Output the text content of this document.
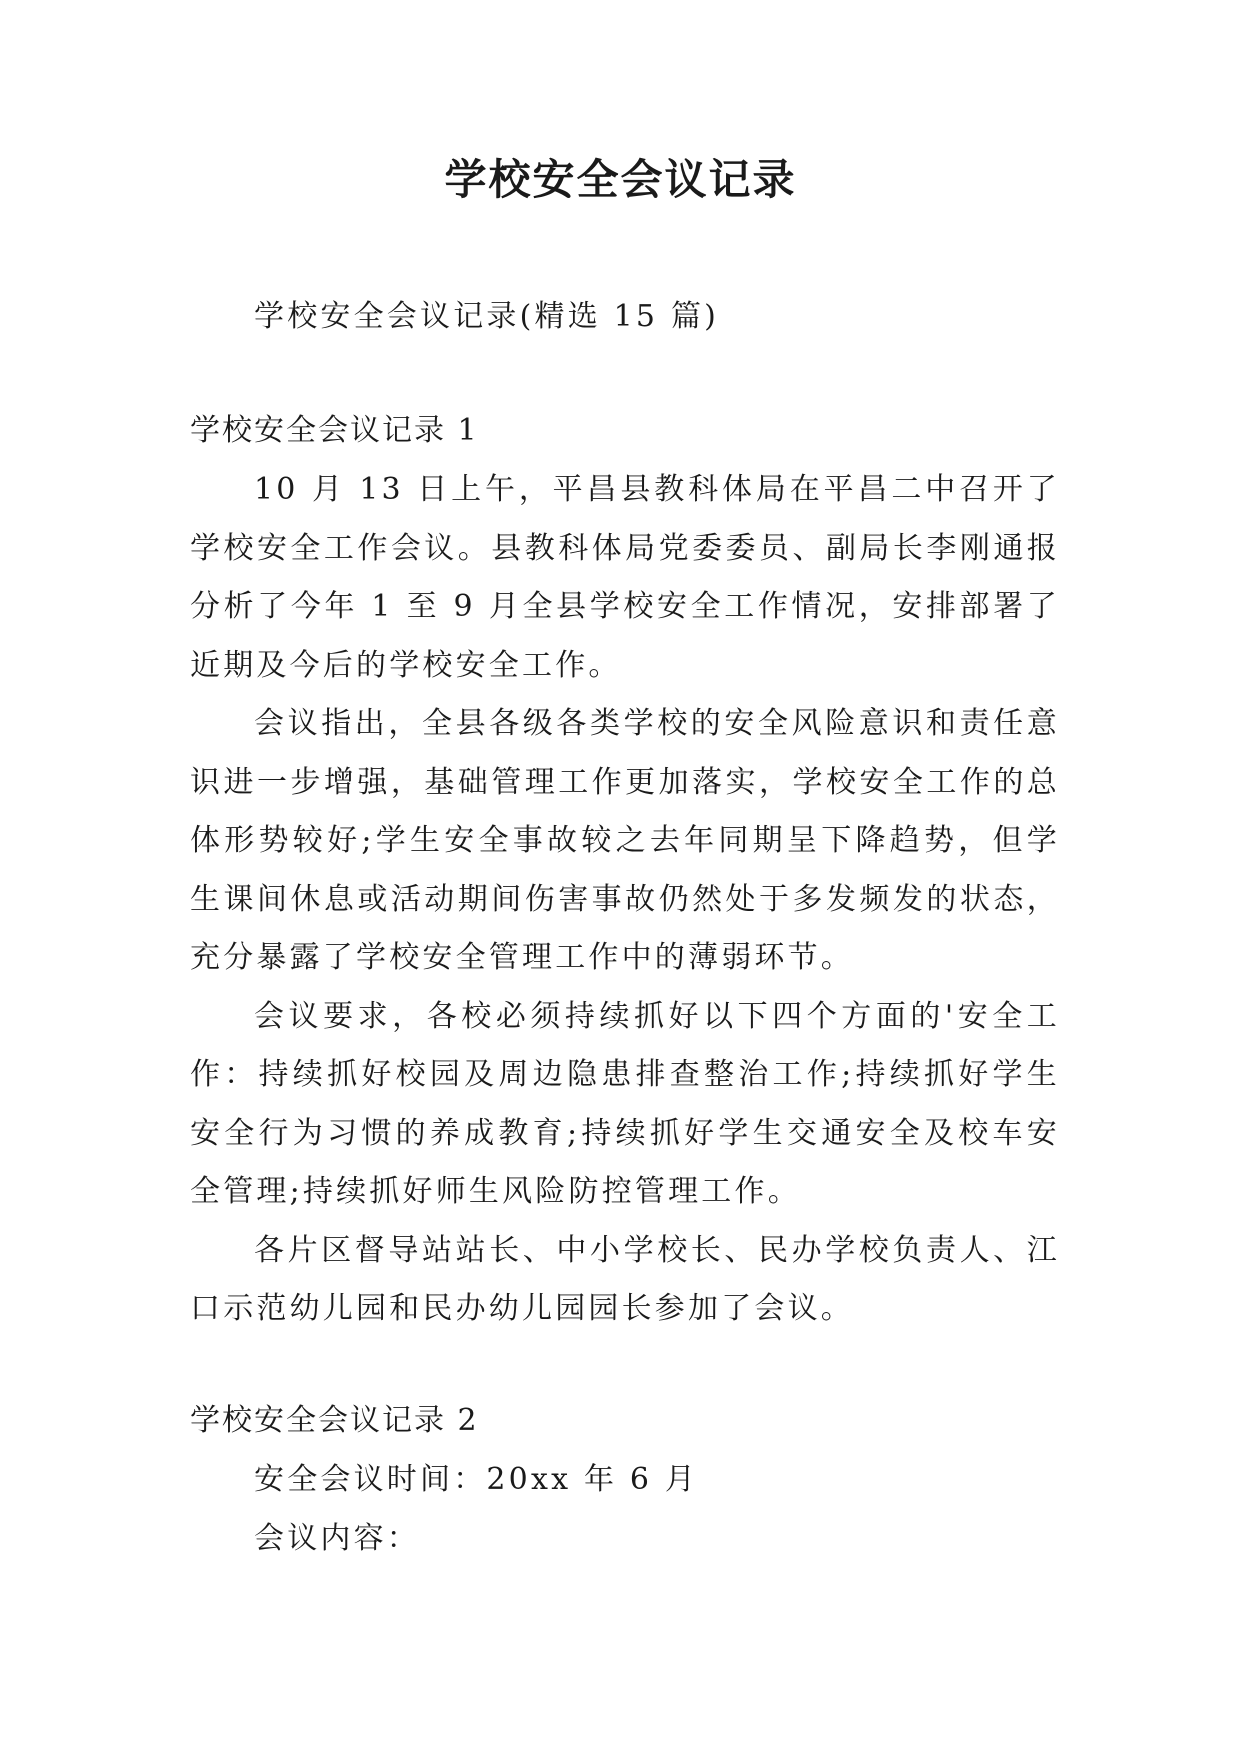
学校安全会议记录

学校安全会议记录(精选 15 篇)

学校安全会议记录 1

10 月 13 日上午，平昌县教科体局在平昌二中召开了学校安全工作会议。县教科体局党委委员、副局长李刚通报分析了今年 1 至 9 月全县学校安全工作情况，安排部署了近期及今后的学校安全工作。

会议指出，全县各级各类学校的安全风险意识和责任意识进一步增强，基础管理工作更加落实，学校安全工作的总体形势较好;学生安全事故较之去年同期呈下降趋势，但学生课间休息或活动期间伤害事故仍然处于多发频发的状态，充分暴露了学校安全管理工作中的薄弱环节。

会议要求，各校必须持续抓好以下四个方面的'安全工作：持续抓好校园及周边隐患排查整治工作;持续抓好学生安全行为习惯的养成教育;持续抓好学生交通安全及校车安全管理;持续抓好师生风险防控管理工作。

各片区督导站站长、中小学校长、民办学校负责人、江口示范幼儿园和民办幼儿园园长参加了会议。

学校安全会议记录 2

安全会议时间：20xx 年 6 月

会议内容：
